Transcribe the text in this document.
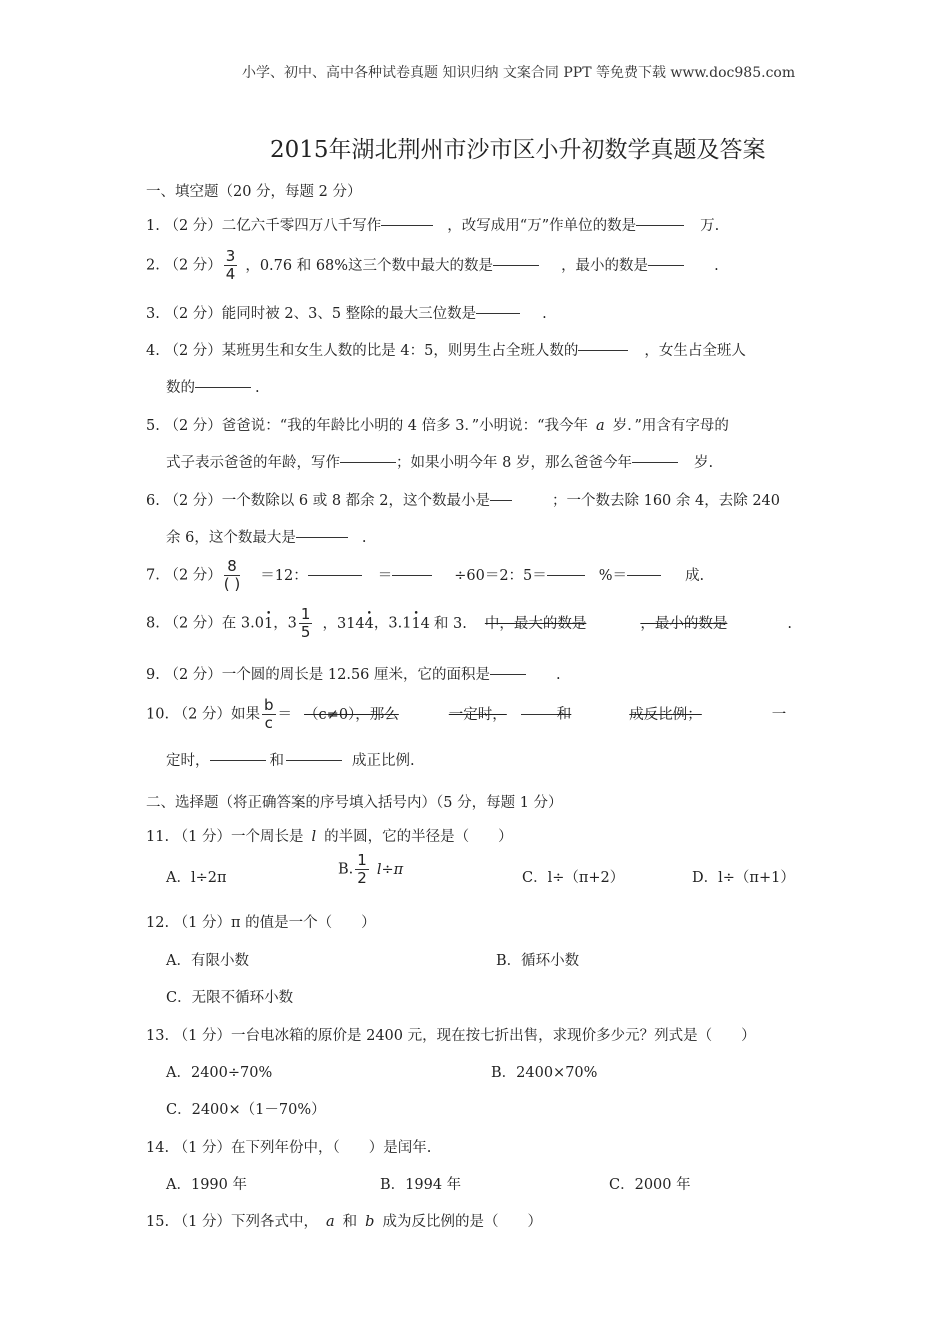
小学、初中、高中各种试卷真题 知识归纳 文案合同 PPT 等免费下载 www.doc985.com
2015年湖北荆州市沙市区小升初数学真题及答案
一、填空题（20 分，每题 2 分）
1. （2 分）二亿六千零四万八千写作	，改写成用“万”作单位的数是	万.
2. （2 分） $\frac{3}{4}$ ，0.76 和 68%这三个数中最大的数是	，最小的数是	.
3. （2 分）能同时被 2、3、5 整除的最大三位数是	.
4. （2 分）某班男生和女生人数的比是 4：5，则男生占全班人数的	，女生占全班人
数的	.
5. （2 分）爸爸说：“我的年龄比小明的 4 倍多 3．”小明说：“我今年 a 岁．”用含有字母的
式子表示爸爸的年龄，写作	；如果小明今年 8 岁，那么爸爸今年	岁.
6. （2 分）一个数除以 6 或 8 都余 2，这个数最小是	；一个数去除 160 余 4，去除 240
余 6，这个数最大是	.
7. （2 分） $\frac{8}{( )} =12$：	＝	÷60＝2：5＝	%＝	成.
8. （2 分）在 3.0• 1，$3 \frac{1}{5}$ ，314• 4，3.1• 14 和 3. 中，最大的数是	，最小的数是	.
9. （2 分）一个圆的周长是 12.56 厘米，它的面积是	.
10. （2 分）如果 $\frac{b}{c} = (c\ne 0)$，那么	一定时，	和	成反比例；	一
定时，	和	成正比例.
二、选择题（将正确答案的序号填入括号内）（5 分，每题 1 分）
11. （1 分）一个周长是 l 的半圆，它的半径是（　　）
A．l÷2π
B. $\frac{1}{2} l\div\pi$
C．l÷（π+2）	D．l÷（π+1）
12. （1 分）π 的值是一个（　　）
A．有限小数	B．循环小数
C．无限不循环小数
13. （1 分）一台电冰箱的原价是 2400 元，现在按七折出售，求现价多少元？列式是（　　）
A．2400÷70%	B．2400×70%
C．2400×（1－70%）
14. （1 分）在下列年份中，（　　）是闰年.
A．1990 年	B．1994 年	C．2000 年
15. （1 分）下列各式中， a 和 b 成为反比例的是（　　）
